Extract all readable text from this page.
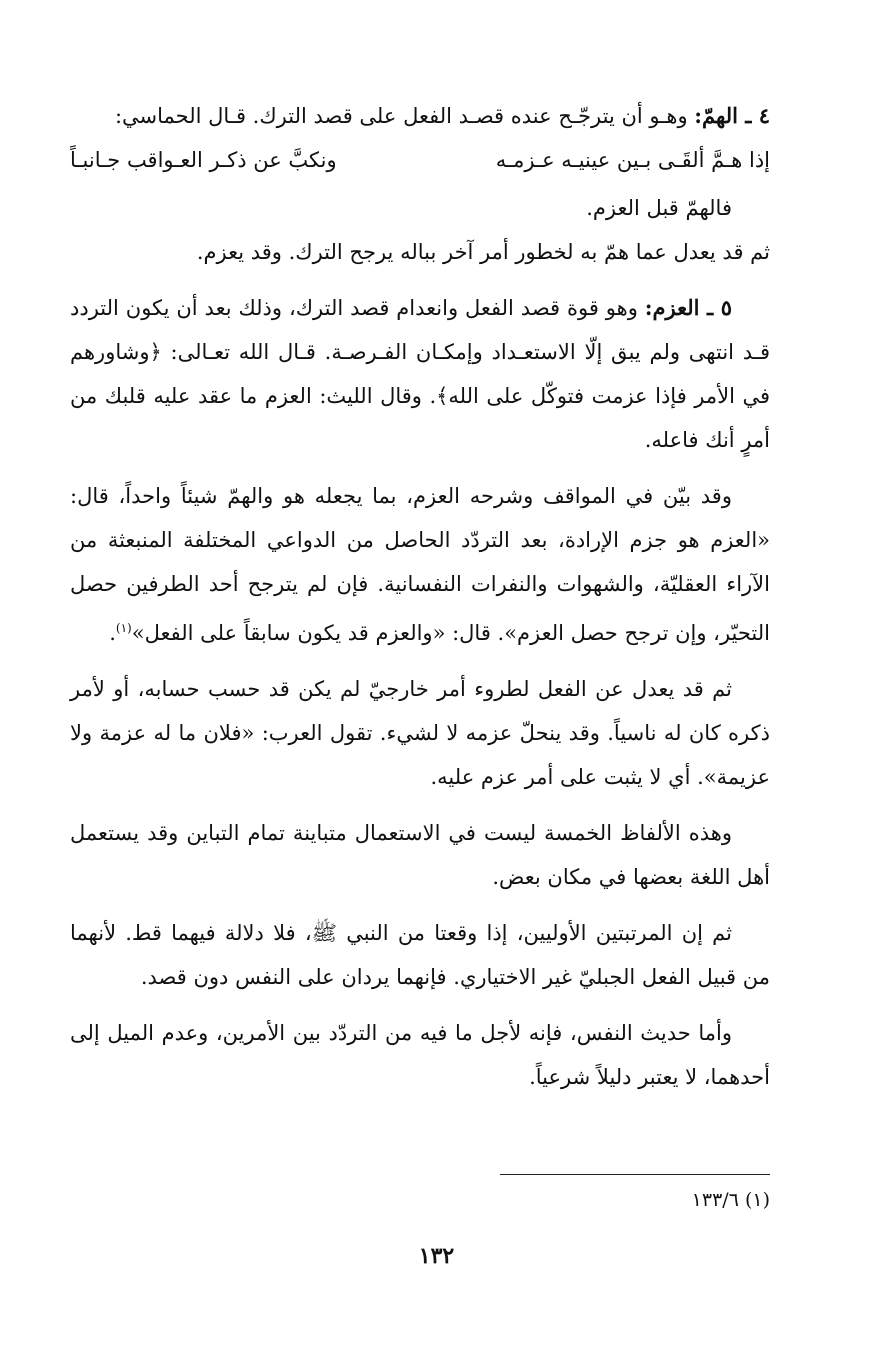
٤ ـ الهمّ: وهـو أن يترجّـح عنده قصـد الفعل على قصد الترك. قـال الحماسي:

إذا هـمَّ ألقَـى بـين عينيـه عـزمـه
ونكبَّ عن ذكـر العـواقب جـانبـاً

فالهمّ قبل العزم.

ثم قد يعدل عما همّ به لخطور أمر آخر بباله يرجح الترك. وقد يعزم.

٥ ـ العزم: وهو قوة قصد الفعل وانعدام قصد الترك، وذلك بعد أن يكون التردد قـد انتهى ولم يبق إلّا الاستعـداد وإمكـان الفـرصـة. قـال الله تعـالى: ﴿وشاورهم في الأمر فإذا عزمت فتوكّل على الله﴾. وقال الليث: العزم ما عقد عليه قلبك من أمرٍ أنك فاعله.

وقد بيّن في المواقف وشرحه العزم، بما يجعله هو والهمّ شيئاً واحداً، قال: «العزم هو جزم الإرادة، بعد التردّد الحاصل من الدواعي المختلفة المنبعثة من الآراء العقليّة، والشهوات والنفرات النفسانية. فإن لم يترجح أحد الطرفين حصل التحيّر، وإن ترجح حصل العزم». قال: «والعزم قد يكون سابقاً على الفعل»$^{(١)}$.

ثم قد يعدل عن الفعل لطروء أمر خارجيّ لم يكن قد حسب حسابه، أو لأمر ذكره كان له ناسياً. وقد ينحلّ عزمه لا لشيء. تقول العرب: «فلان ما له عزمة ولا عزيمة». أي لا يثبت على أمر عزم عليه.

وهذه الألفاظ الخمسة ليست في الاستعمال متباينة تمام التباين وقد يستعمل أهل اللغة بعضها في مكان بعض.

ثم إن المرتبتين الأوليين، إذا وقعتا من النبي ﷺ، فلا دلالة فيهما قط. لأنهما من قبيل الفعل الجبليّ غير الاختياري. فإنهما يردان على النفس دون قصد.

وأما حديث النفس، فإنه لأجل ما فيه من التردّد بين الأمرين، وعدم الميل إلى أحدهما، لا يعتبر دليلاً شرعياً.

(١) ١٣٣/٦
١٣٢
